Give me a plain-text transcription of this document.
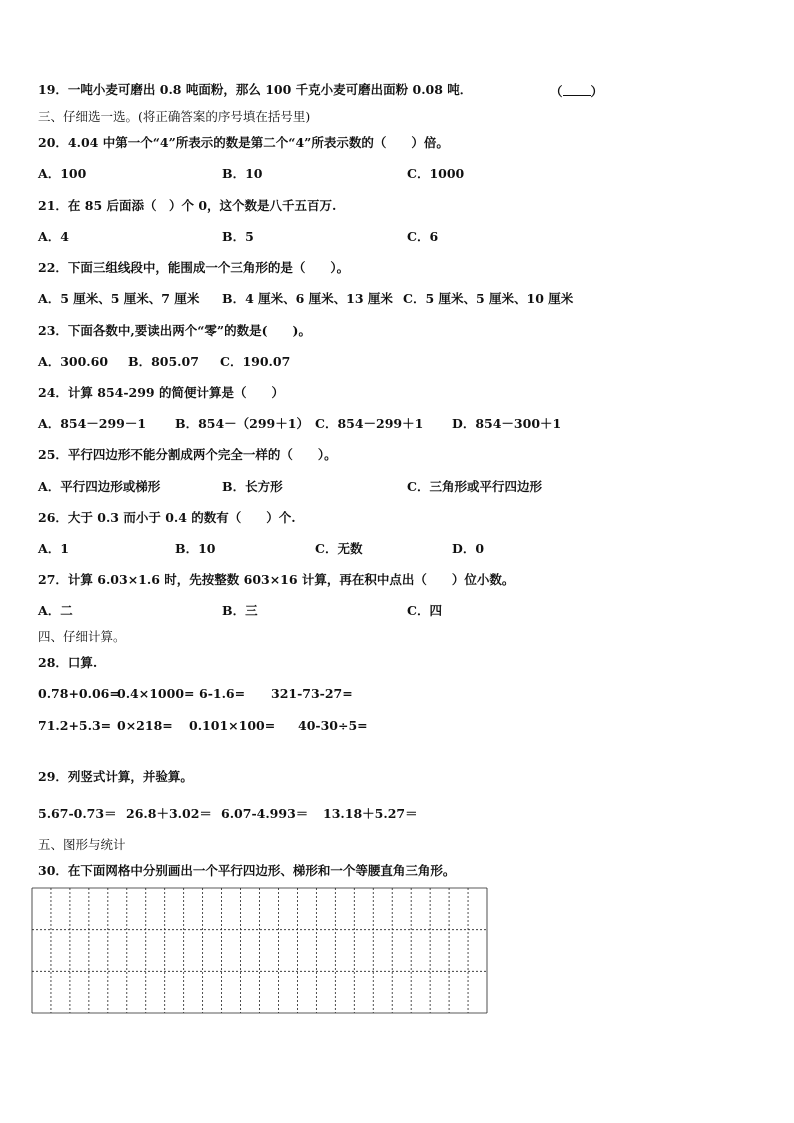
19．一吨小麦可磨出 0.8 吨面粉，那么 100 千克小麦可磨出面粉 0.08 吨．	（ ）
三、仔细选一选。(将正确答案的序号填在括号里)
20．4.04 中第一个“4”所表示的数是第二个“4”所表示数的（　　）倍。
A．100	B．10	C．1000
21．在 85 后面添（　）个 0，这个数是八千五百万.
A．4	B．5	C．6
22．下面三组线段中，能围成一个三角形的是（　　）。
A．5 厘米、5 厘米、7 厘米 B．4 厘米、6 厘米、13 厘米 C．5 厘米、5 厘米、10 厘米
23．下面各数中,要读出两个“零”的数是(　　)。
A．300.60 B．805.07 C．190.07
24．计算 854-299 的简便计算是（　　）
A．854－299－1 B．854－（299＋1） C．854－299＋1 D．854－300＋1
25．平行四边形不能分割成两个完全一样的（　　）。
A．平行四边形或梯形	B．长方形	C．三角形或平行四边形
26．大于 0.3 而小于 0.4 的数有（　　）个.
A．1	B．10	C．无数	D．0
27．计算 6.03×1.6 时，先按整数 603×16 计算，再在积中点出（　　）位小数。
A．二	B．三	C．四
四、仔细计算。
28．口算.
0.78+0.06=
0.4×1000= 6-1.6= 321-73-27=
71.2+5.3= 0×218= 0.101×100= 40-30÷5=
29．列竖式计算，并验算。
5.67-0.73＝ 26.8＋3.02＝ 6.07-4.993＝ 13.18＋5.27＝
五、图形与统计
30．在下面网格中分别画出一个平行四边形、梯形和一个等腰直角三角形。
